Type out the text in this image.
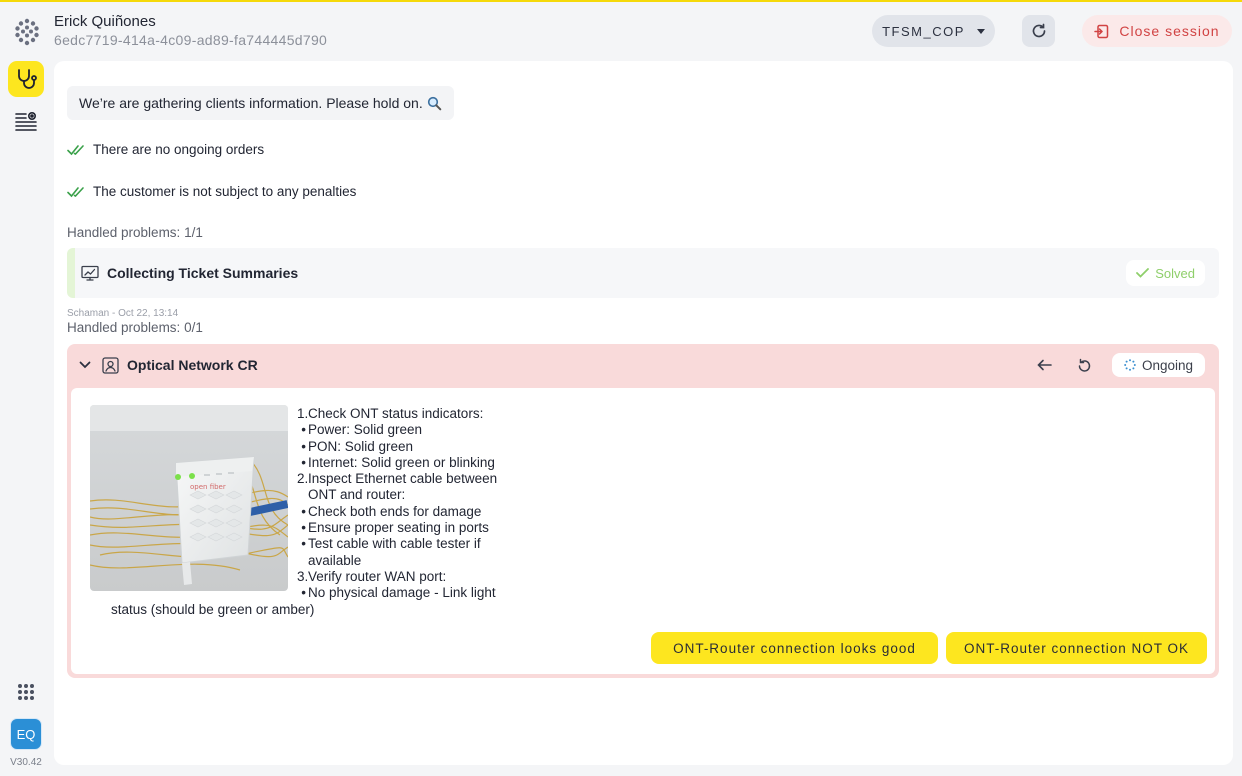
EQ
V30.42
Erick Quiñones
6edc7719-414a-4c09-ad89-fa744445d790
TFSM_COP	Close session
We’re are gathering clients information. Please hold on.
There are no ongoing orders
The customer is not subject to any penalties
Handled problems: 1/1
Collecting Ticket Summaries	Solved
Schaman - Oct 22, 13:14
Handled problems: 0/1
Optical Network CR	Ongoing
open fiber
1. Check ONT status indicators:
• Power: Solid green
• PON: Solid green
• Internet: Solid green or blinking
2. Inspect Ethernet cable between ONT and router:
• Check both ends for damage
• Ensure proper seating in ports
• Test cable with cable tester if available
3. Verify router WAN port:
• No physical damage - Link light
status (should be green or amber)
ONT-Router connection looks good	ONT-Router connection NOT OK
